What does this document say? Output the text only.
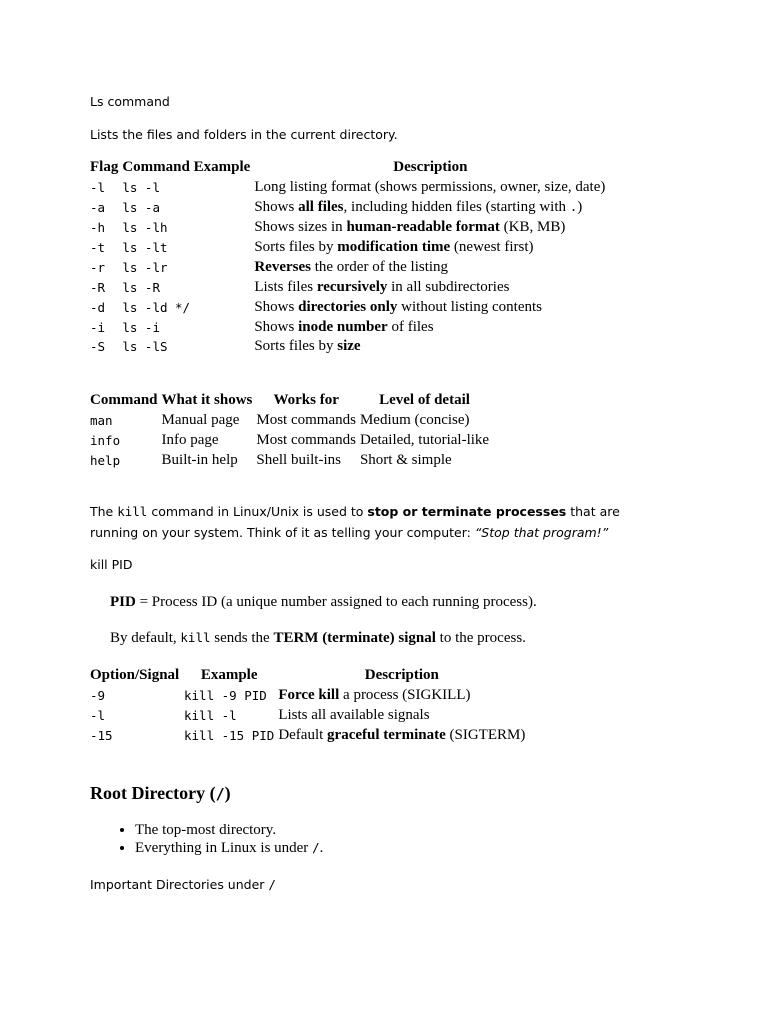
Ls command
Lists the files and folders in the current directory.
Flag	Command Example	Description
-l	ls -l	Long listing format (shows permissions, owner, size, date)
-a	ls -a	Shows all files, including hidden files (starting with .)
-h	ls -lh	Shows sizes in human-readable format (KB, MB)
-t	ls -lt	Sorts files by modification time (newest first)
-r	ls -lr	Reverses the order of the listing
-R	ls -R	Lists files recursively in all subdirectories
-d	ls -ld */	Shows directories only without listing contents
-i	ls -i	Shows inode number of files
-S	ls -lS	Sorts files by size
Command	What it shows	Works for	Level of detail
man	Manual page	Most commands	Medium (concise)
info	Info page	Most commands	Detailed, tutorial-like
help	Built-in help	Shell built-ins	Short & simple
The kill command in Linux/Unix is used to stop or terminate processes that are running on your system. Think of it as telling your computer: “Stop that program!”
kill PID
PID = Process ID (a unique number assigned to each running process).
By default, kill sends the TERM (terminate) signal to the process.
Option/Signal	Example	Description
-9	kill -9 PID	Force kill a process (SIGKILL)
-l	kill -l	Lists all available signals
-15	kill -15 PID	Default graceful terminate (SIGTERM)
Root Directory (/)
• The top-most directory.
• Everything in Linux is under /.
Important Directories under /
